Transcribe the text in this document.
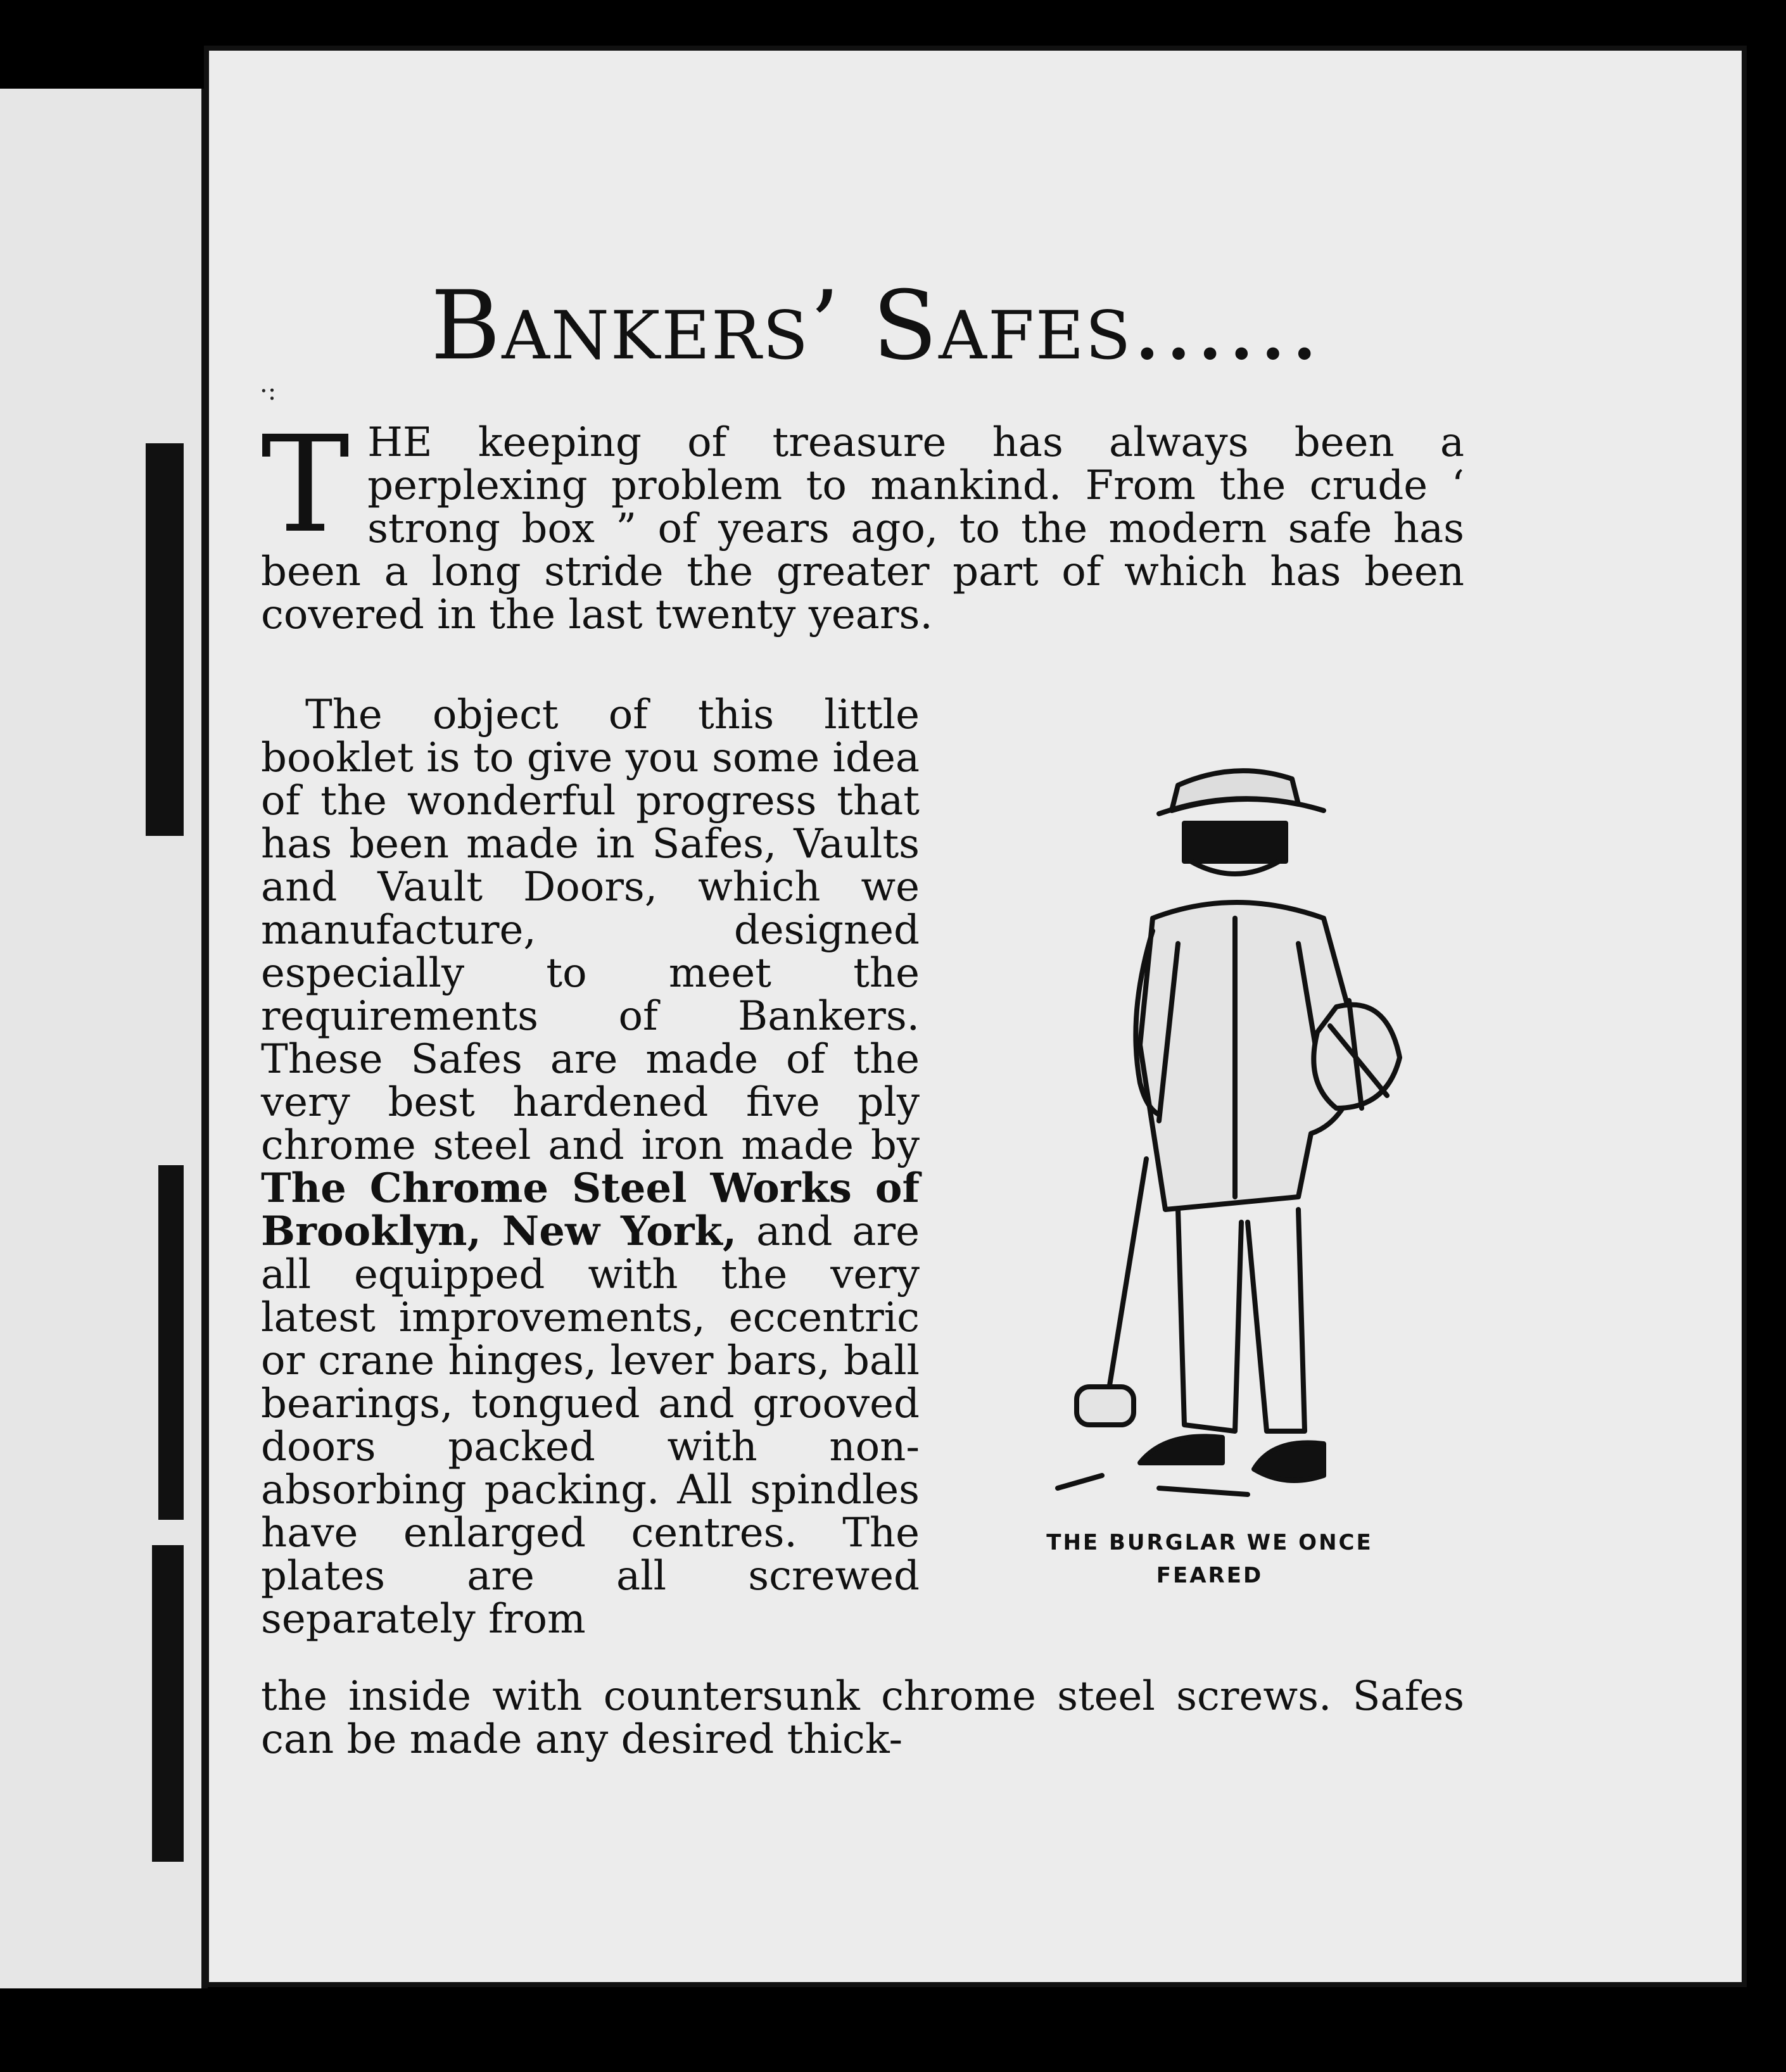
·:
Bankers’ Safes......
T HE keeping of treasure has always been a perplexing problem to mankind. From the crude ‘ strong box ” of years ago, to the modern safe has been a long stride the greater part of which has been covered in the last twenty years.
The object of this little booklet is to give you some idea of the wonderful progress that has been made in Safes, Vaults and Vault Doors, which we manufacture, designed especially to meet the requirements of Bankers. These Safes are made of the very best hardened five ply chrome steel and iron made by The Chrome Steel Works of Brooklyn, New York, and are all equipped with the very latest improvements, eccentric or crane hinges, lever bars, ball bearings, tongued and grooved doors packed with non-absorbing packing. All spindles have enlarged centres. The plates are all screwed separately from
the inside with countersunk chrome steel screws. Safes can be made any desired thick-
THE BURGLAR WE ONCE
FEARED
